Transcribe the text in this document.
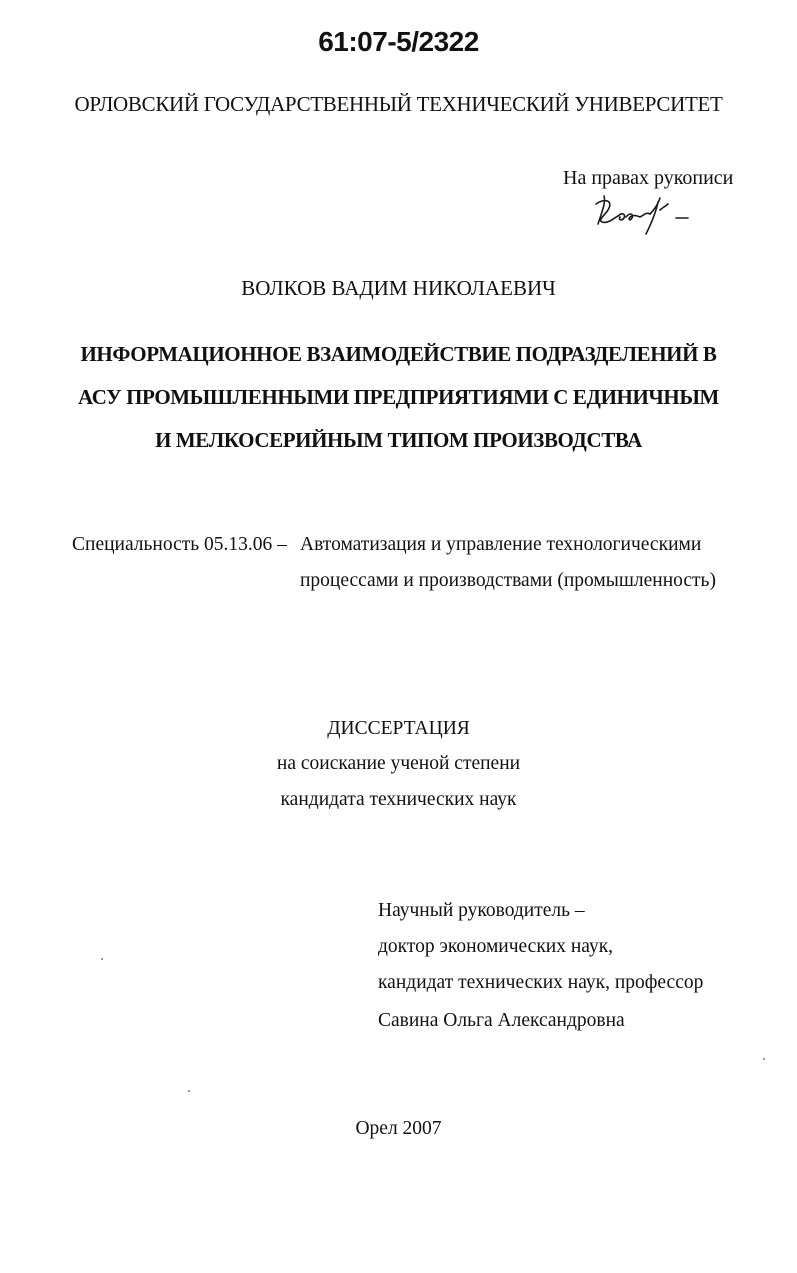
61:07-5/2322
ОРЛОВСКИЙ ГОСУДАРСТВЕННЫЙ ТЕХНИЧЕСКИЙ УНИВЕРСИТЕТ
На правах рукописи
ВОЛКОВ ВАДИМ НИКОЛАЕВИЧ
ИНФОРМАЦИОННОЕ ВЗАИМОДЕЙСТВИЕ ПОДРАЗДЕЛЕНИЙ В
АСУ ПРОМЫШЛЕННЫМИ ПРЕДПРИЯТИЯМИ С ЕДИНИЧНЫМ
И МЕЛКОСЕРИЙНЫМ ТИПОМ ПРОИЗВОДСТВА
Специальность 05.13.06 – Автоматизация и управление технологическими
процессами и производствами (промышленность)
ДИССЕРТАЦИЯ
на соискание ученой степени
кандидата технических наук
Научный руководитель –
доктор экономических наук,
кандидат технических наук, профессор
Савина Ольга Александровна
Орел 2007
